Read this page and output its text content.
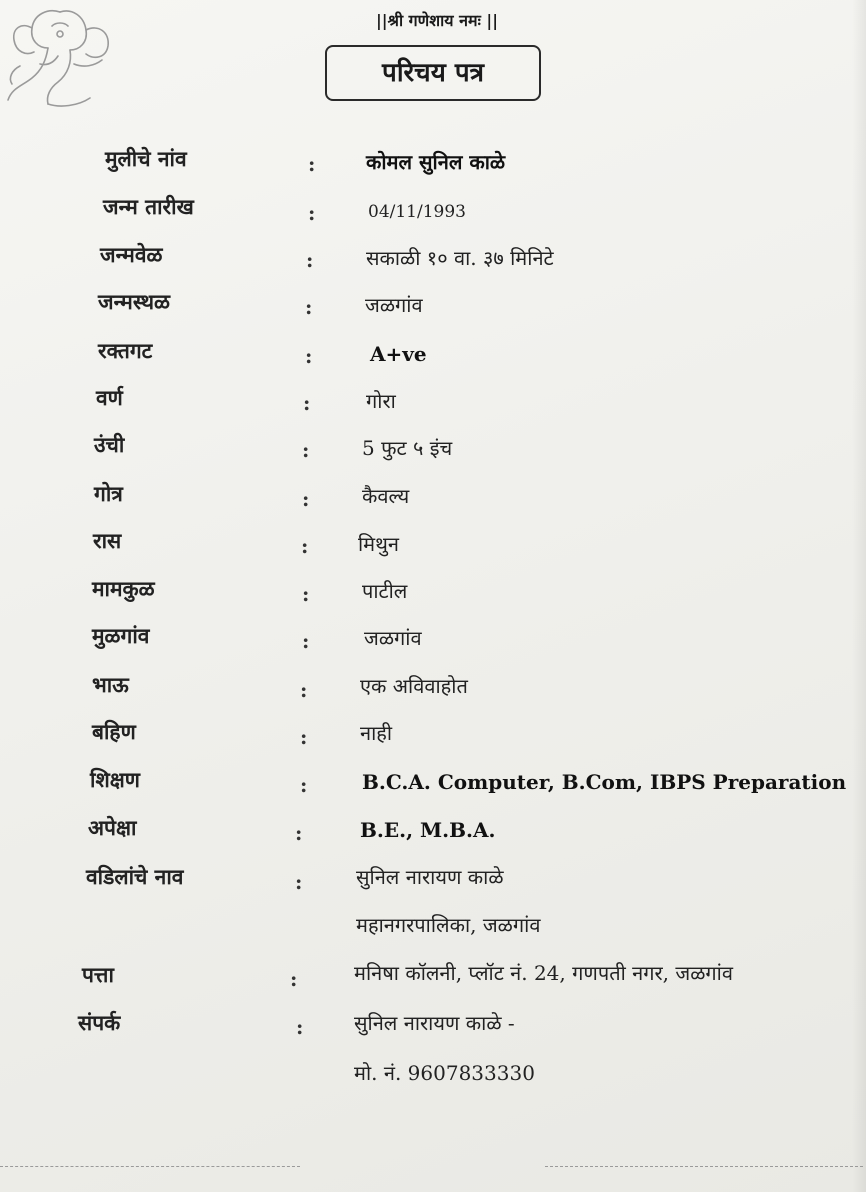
||श्री गणेशाय नमः ||
परिचय पत्र
मुलीचे नांव	:	कोमल सुनिल काळे
जन्म तारीख	:	04/11/1993
जन्मवेळ	:	सकाळी १० वा. ३७ मिनिटे
जन्मस्थळ	:	जळगांव
रक्तगट	:	A+ve
वर्ण	:	गोरा
उंची	:	5 फुट ५ इंच
गोत्र	:	कैवल्य
रास	: मिथुन
मामकुळ	:	पाटील
मुळगांव	:	जळगांव
भाऊ	:	एक अविवाहोत
बहिण	:	नाही
शिक्षण	:	B.C.A. Computer, B.Com, IBPS Preparation
अपेक्षा	:	B.E., M.B.A.
वडिलांचे नाव	:	सुनिल नारायण काळे
महानगरपालिका, जळगांव
पत्ता	:	मनिषा कॉलनी, प्लॉट नं. 24, गणपती नगर, जळगांव
संपर्क	:	सुनिल नारायण काळे -
मो. नं. 9607833330
